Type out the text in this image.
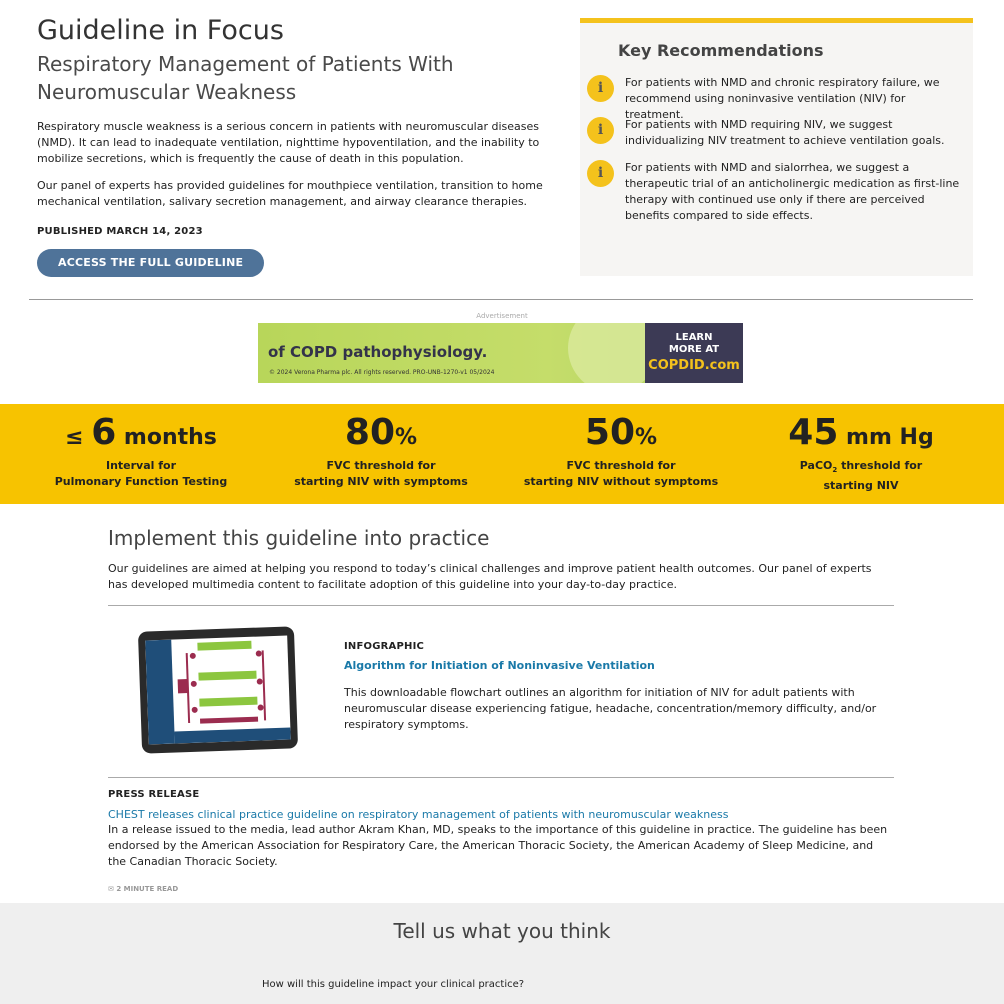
Guideline in Focus
Respiratory Management of Patients With
Neuromuscular Weakness

Respiratory muscle weakness is a serious concern in patients with neuromuscular diseases (NMD). It can lead to inadequate ventilation, nighttime hypoventilation, and the inability to mobilize secretions, which is frequently the cause of death in this population.

Our panel of experts has provided guidelines for mouthpiece ventilation, transition to home mechanical ventilation, salivary secretion management, and airway clearance therapies.

PUBLISHED MARCH 14, 2023
ACCESS THE FULL GUIDELINE
Key Recommendations
i	For patients with NMD and chronic respiratory failure, we recommend using noninvasive ventilation (NIV) for treatment.
i	For patients with NMD requiring NIV, we suggest individualizing NIV treatment to achieve ventilation goals.
i	For patients with NMD and sialorrhea, we suggest a therapeutic trial of an anticholinergic medication as first-line therapy with continued use only if there are perceived benefits compared to side effects.
Advertisement
of COPD pathophysiology.
© 2024 Verona Pharma plc. All rights reserved. PRO-UNB-1270-v1 05/2024
LEARN
MORE AT
COPDID.com
≤ 6 months
Interval for
Pulmonary Function Testing
80%
FVC threshold for
starting NIV with symptoms
50%
FVC threshold for
starting NIV without symptoms
45 mm Hg
PaCO$_2$ threshold for
starting NIV
Implement this guideline into practice

Our guidelines are aimed at helping you respond to today’s clinical challenges and improve patient health outcomes. Our panel of experts has developed multimedia content to facilitate adoption of this guideline into your day-to-day practice.

INFOGRAPHIC
Algorithm for Initiation of Noninvasive Ventilation

This downloadable flowchart outlines an algorithm for initiation of NIV for adult patients with neuromuscular disease experiencing fatigue, headache, concentration/memory difficulty, and/or respiratory symptoms.

PRESS RELEASE
CHEST releases clinical practice guideline on respiratory management of patients with neuromuscular weakness

In a release issued to the media, lead author Akram Khan, MD, speaks to the importance of this guideline in practice. The guideline has been endorsed by the American Association for Respiratory Care, the American Thoracic Society, the American Academy of Sleep Medicine, and the Canadian Thoracic Society.

✉ 2 MINUTE READ
Tell us what you think
How will this guideline impact your clinical practice?
